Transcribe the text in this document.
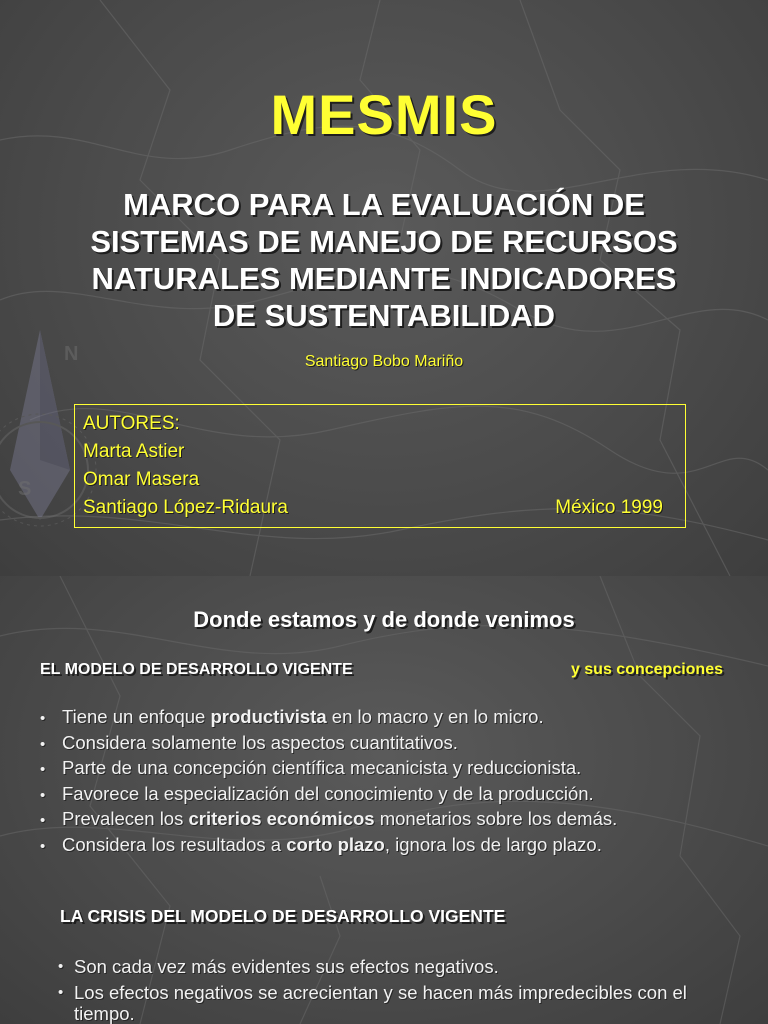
N
S
MESMIS
MARCO PARA LA EVALUACIÓN DE
SISTEMAS DE MANEJO DE RECURSOS
NATURALES MEDIANTE INDICADORES
DE SUSTENTABILIDAD
Santiago Bobo Mariño
AUTORES:
Marta Astier
Omar Masera
Santiago López-Ridaura	México 1999
Donde estamos y de donde venimos
EL MODELO DE DESARROLLO VIGENTE	y sus concepciones
• Tiene un enfoque productivista en lo macro y en lo micro.
• Considera solamente los aspectos cuantitativos.
• Parte de una concepción científica mecanicista y reduccionista.
• Favorece la especialización del conocimiento y de la producción.
• Prevalecen los criterios económicos monetarios sobre los demás.
• Considera los resultados a corto plazo, ignora los de largo plazo.
LA CRISIS DEL MODELO DE DESARROLLO VIGENTE
• Son cada vez más evidentes sus efectos negativos.
• Los efectos negativos se acrecientan y se hacen más impredecibles con el tiempo.
